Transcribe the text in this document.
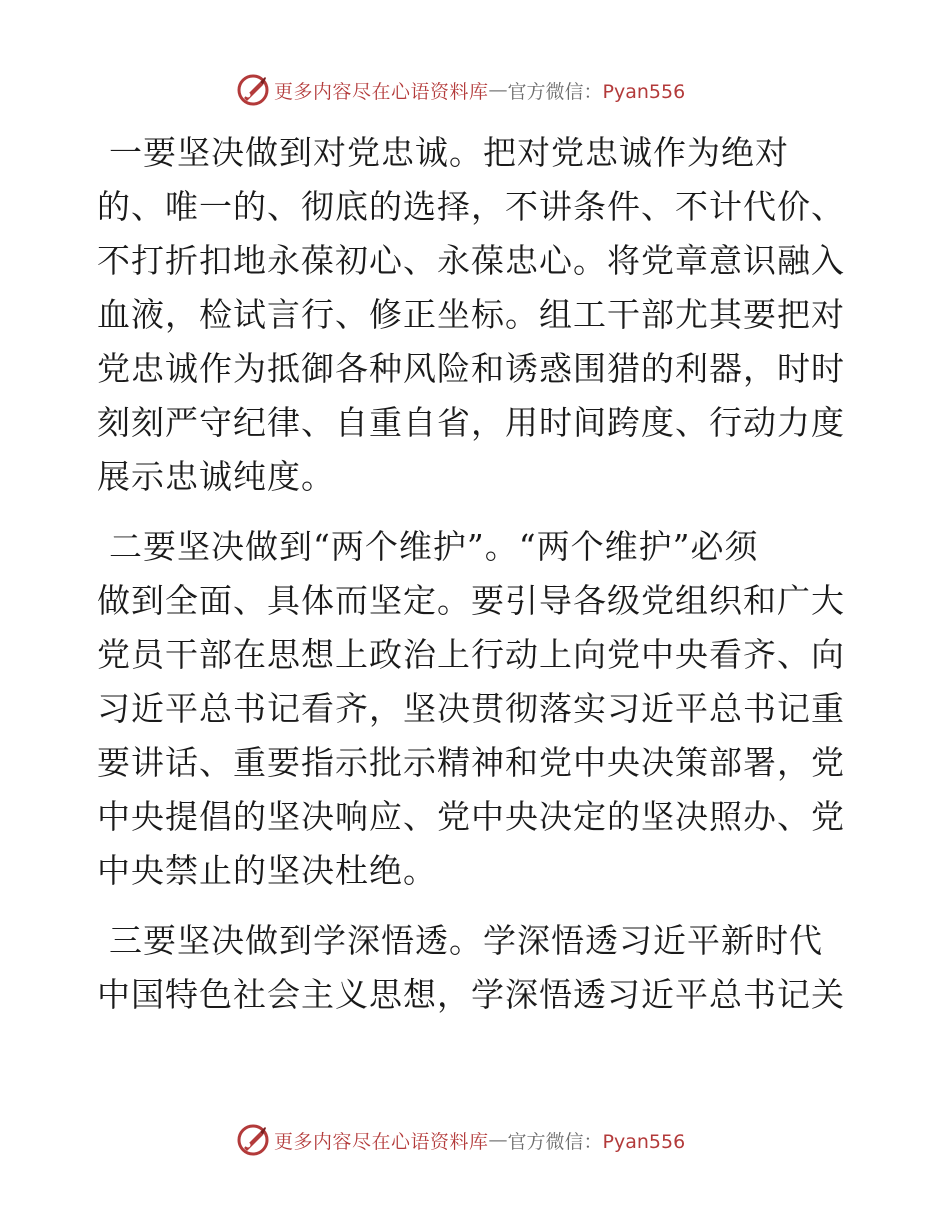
更多内容尽在心语资料库 — 官方微信：Pyan556
一要坚决做到对党忠诚。把对党忠诚作为绝对
的、唯一的、彻底的选择，不讲条件、不计代价、
不打折扣地永葆初心、永葆忠心。将党章意识融入
血液，检试言行、修正坐标。组工干部尤其要把对
党忠诚作为抵御各种风险和诱惑围猎的利器，时时
刻刻严守纪律、自重自省，用时间跨度、行动力度
展示忠诚纯度。
二要坚决做到“两个维护”。“两个维护”必须
做到全面、具体而坚定。要引导各级党组织和广大
党员干部在思想上政治上行动上向党中央看齐、向
习近平总书记看齐，坚决贯彻落实习近平总书记重
要讲话、重要指示批示精神和党中央决策部署，党
中央提倡的坚决响应、党中央决定的坚决照办、党
中央禁止的坚决杜绝。
三要坚决做到学深悟透。学深悟透习近平新时代
中国特色社会主义思想，学深悟透习近平总书记关
更多内容尽在心语资料库 — 官方微信：Pyan556
